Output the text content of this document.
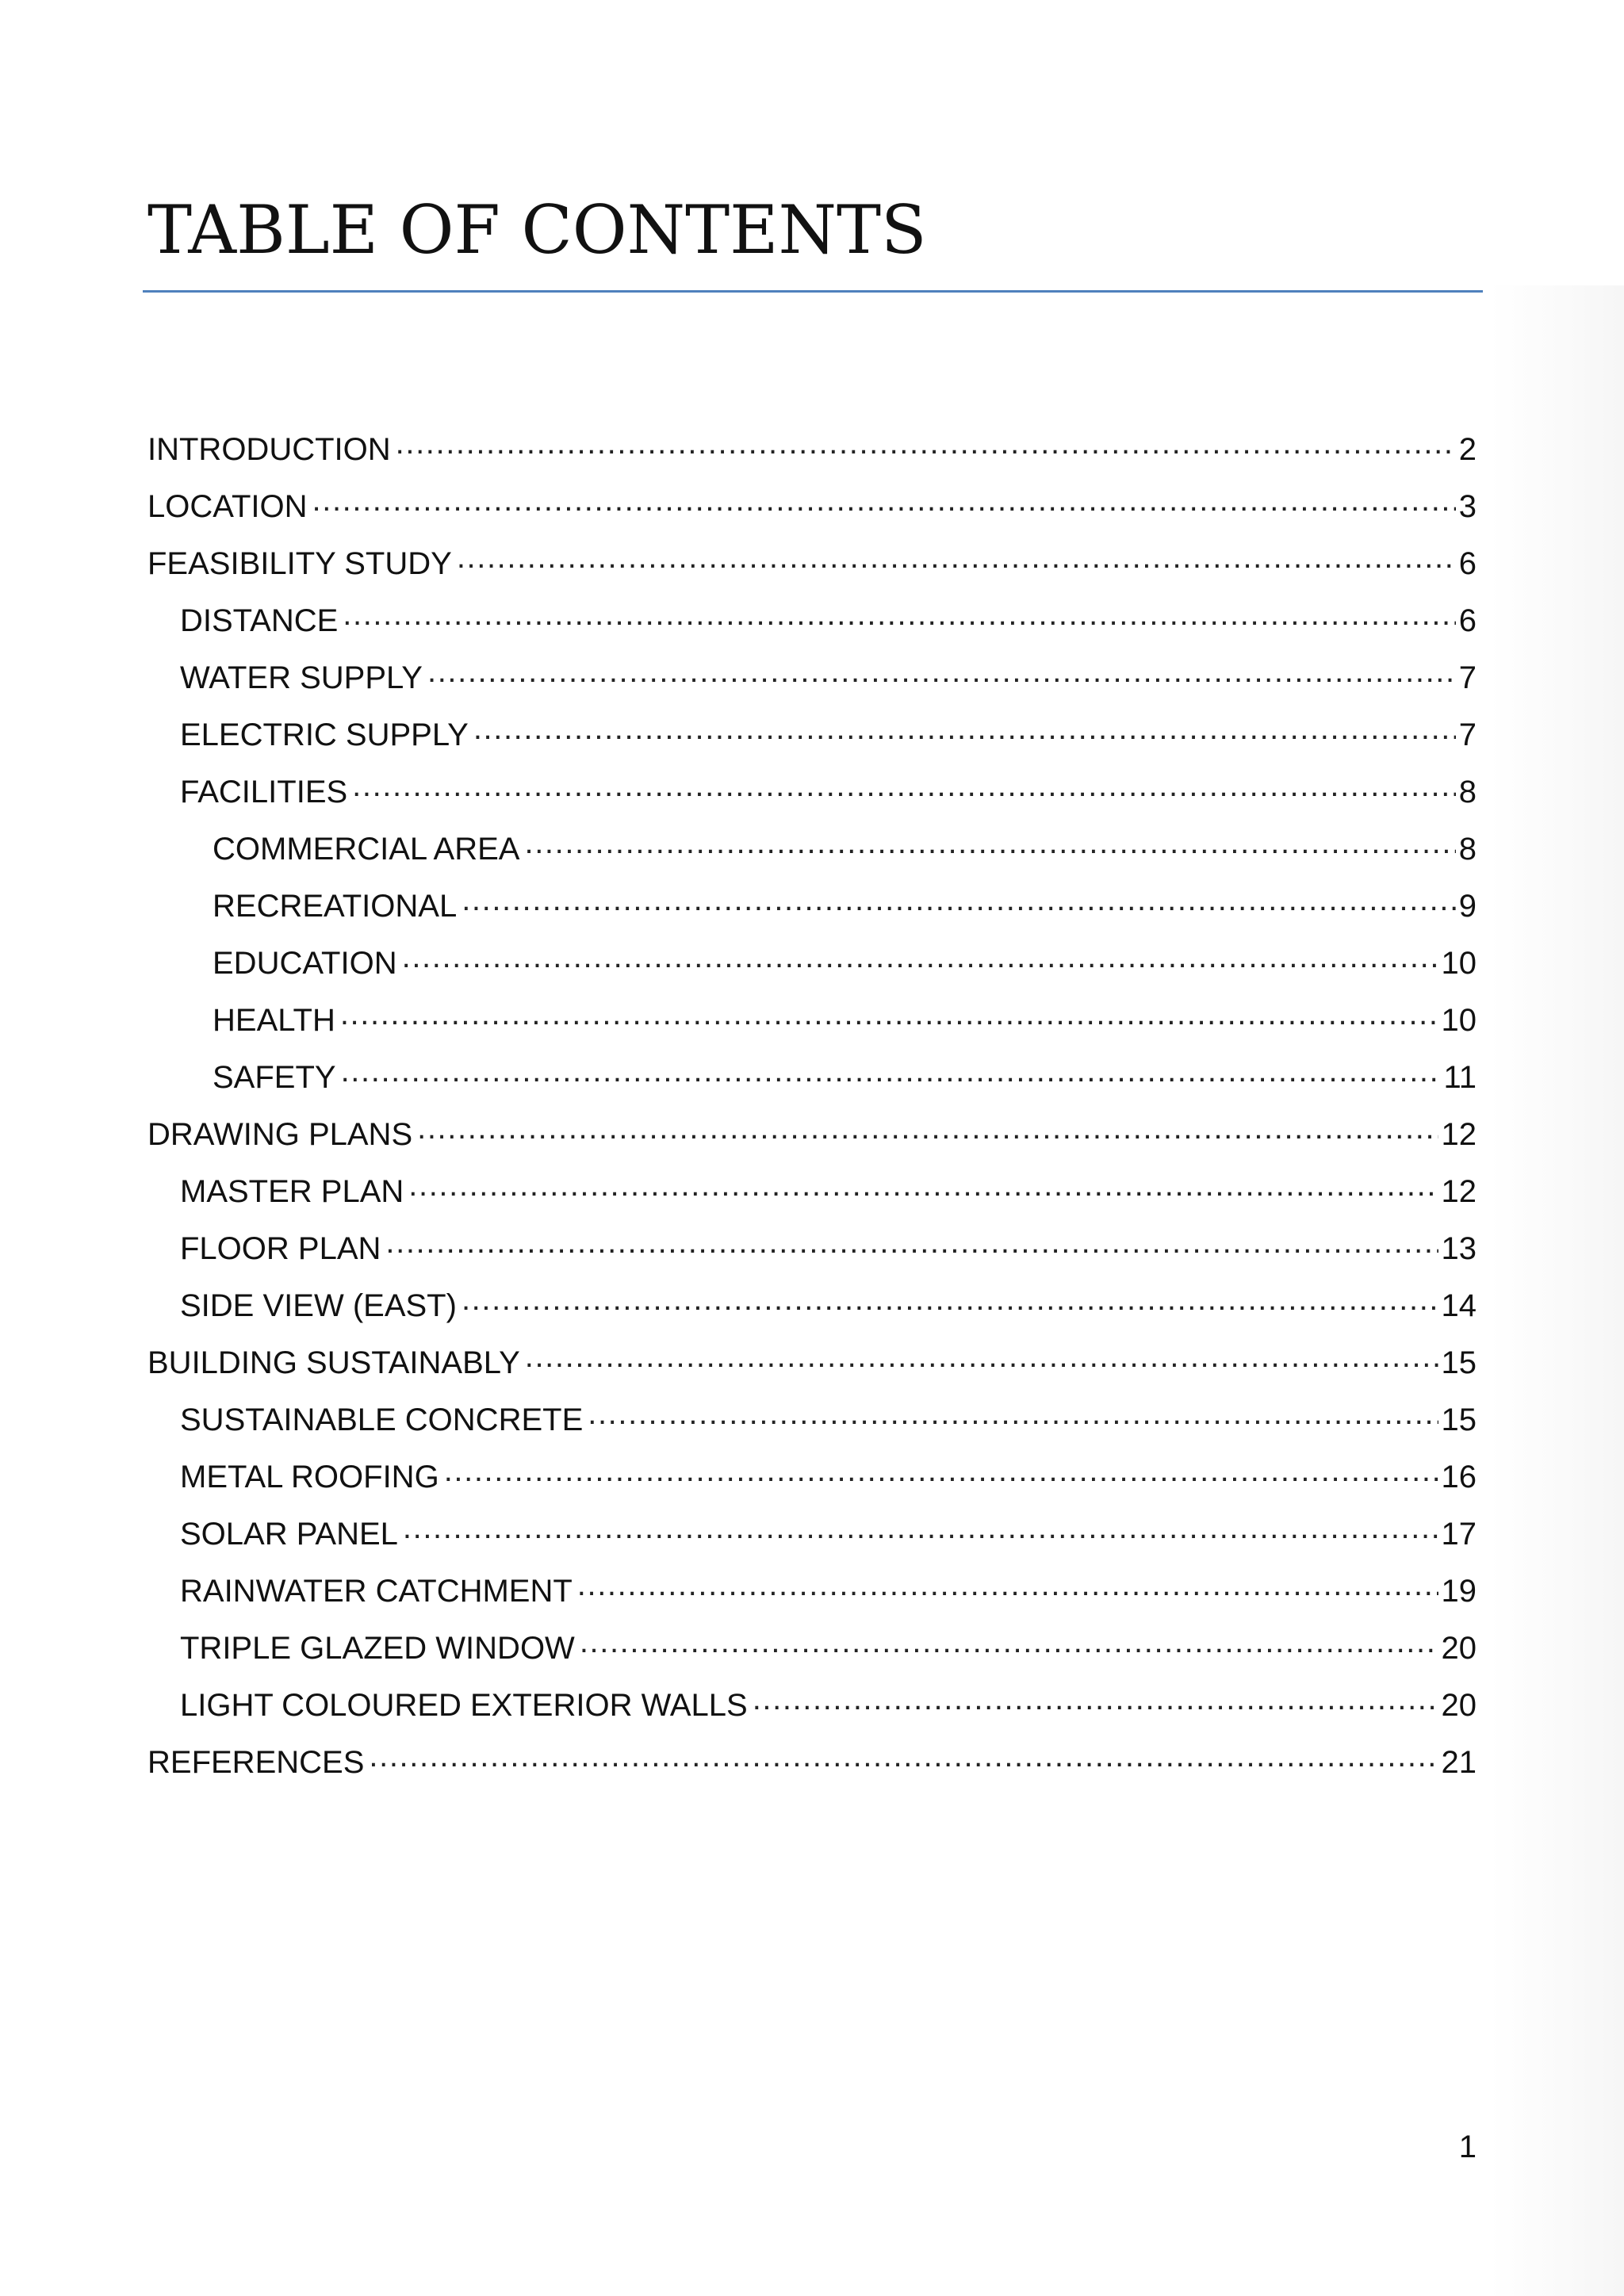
TABLE OF CONTENTS
INTRODUCTION .....	2
LOCATION .....	3
FEASIBILITY STUDY .....	6
DISTANCE .....	6
WATER SUPPLY .....	7
ELECTRIC SUPPLY .....	7
FACILITIES .....	8
COMMERCIAL AREA .....	8
RECREATIONAL .....	9
EDUCATION .....	10
HEALTH .....	10
SAFETY .....	11
DRAWING PLANS .....	12
MASTER PLAN .....	12
FLOOR PLAN .....	13
SIDE VIEW (EAST) .....	14
BUILDING SUSTAINABLY .....	15
SUSTAINABLE CONCRETE .....	15
METAL ROOFING .....	16
SOLAR PANEL .....	17
RAINWATER CATCHMENT .....	19
TRIPLE GLAZED WINDOW .....	20
LIGHT COLOURED EXTERIOR WALLS .....	20
REFERENCES .....	21
1
